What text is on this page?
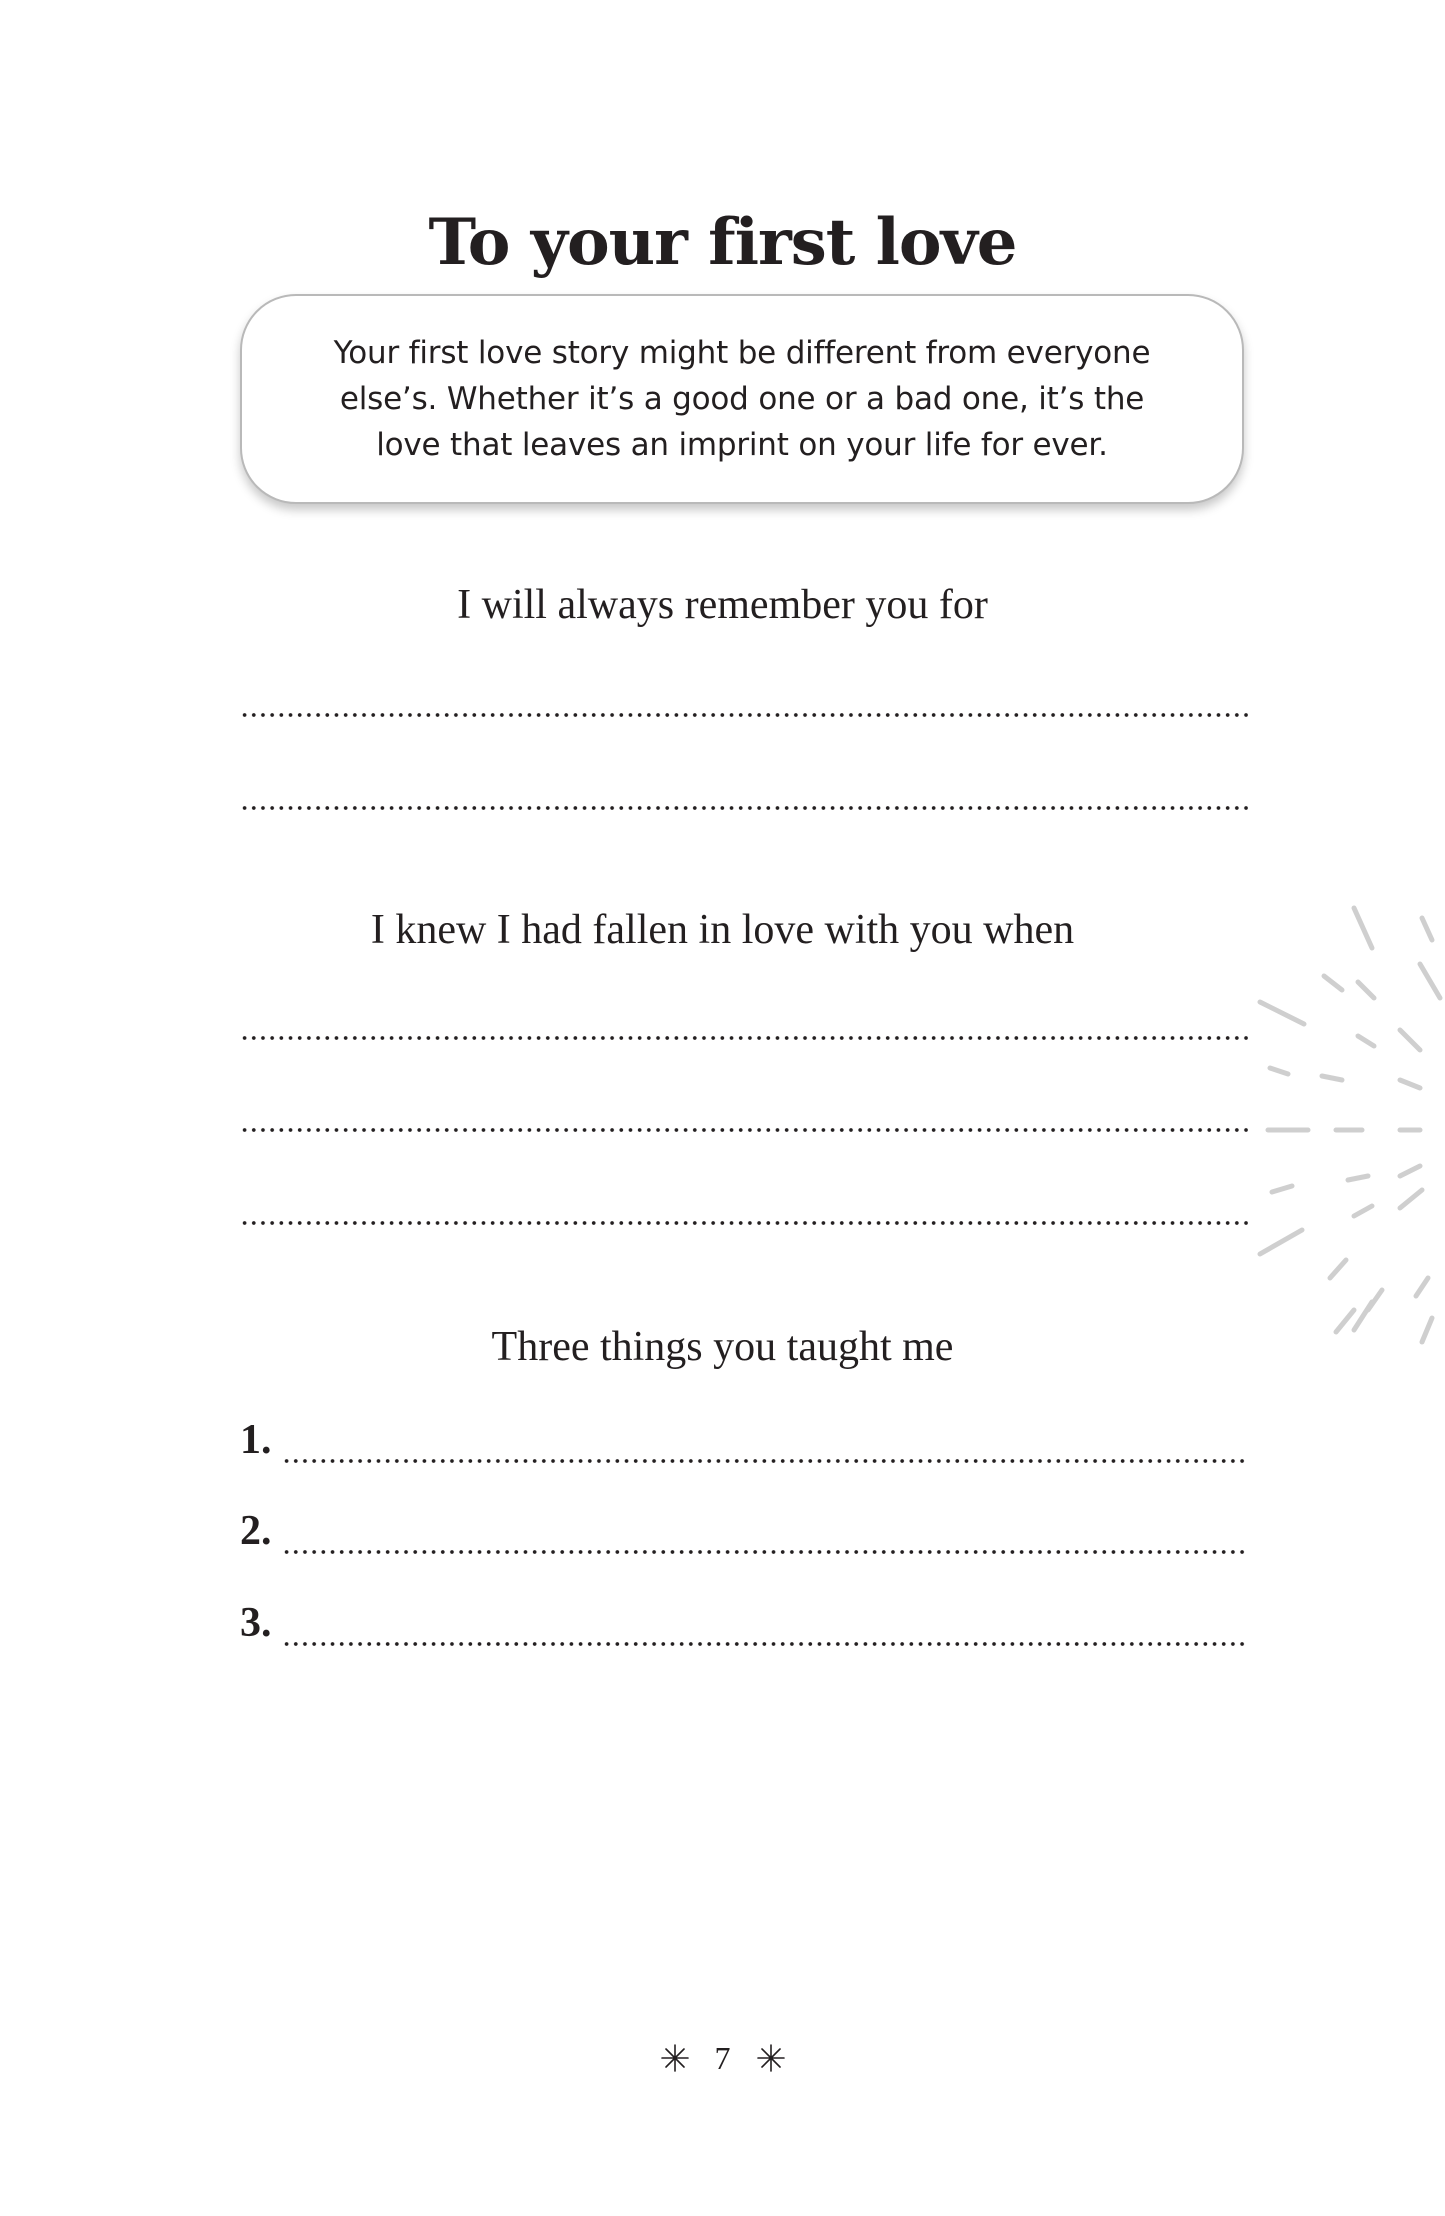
To your first love

Your first love story might be different from everyone else’s. Whether it’s a good one or a bad one, it’s the love that leaves an imprint on your life for ever.

I will always remember you for
I knew I had fallen in love with you when
Three things you taught me
1.
2.
3.
7
